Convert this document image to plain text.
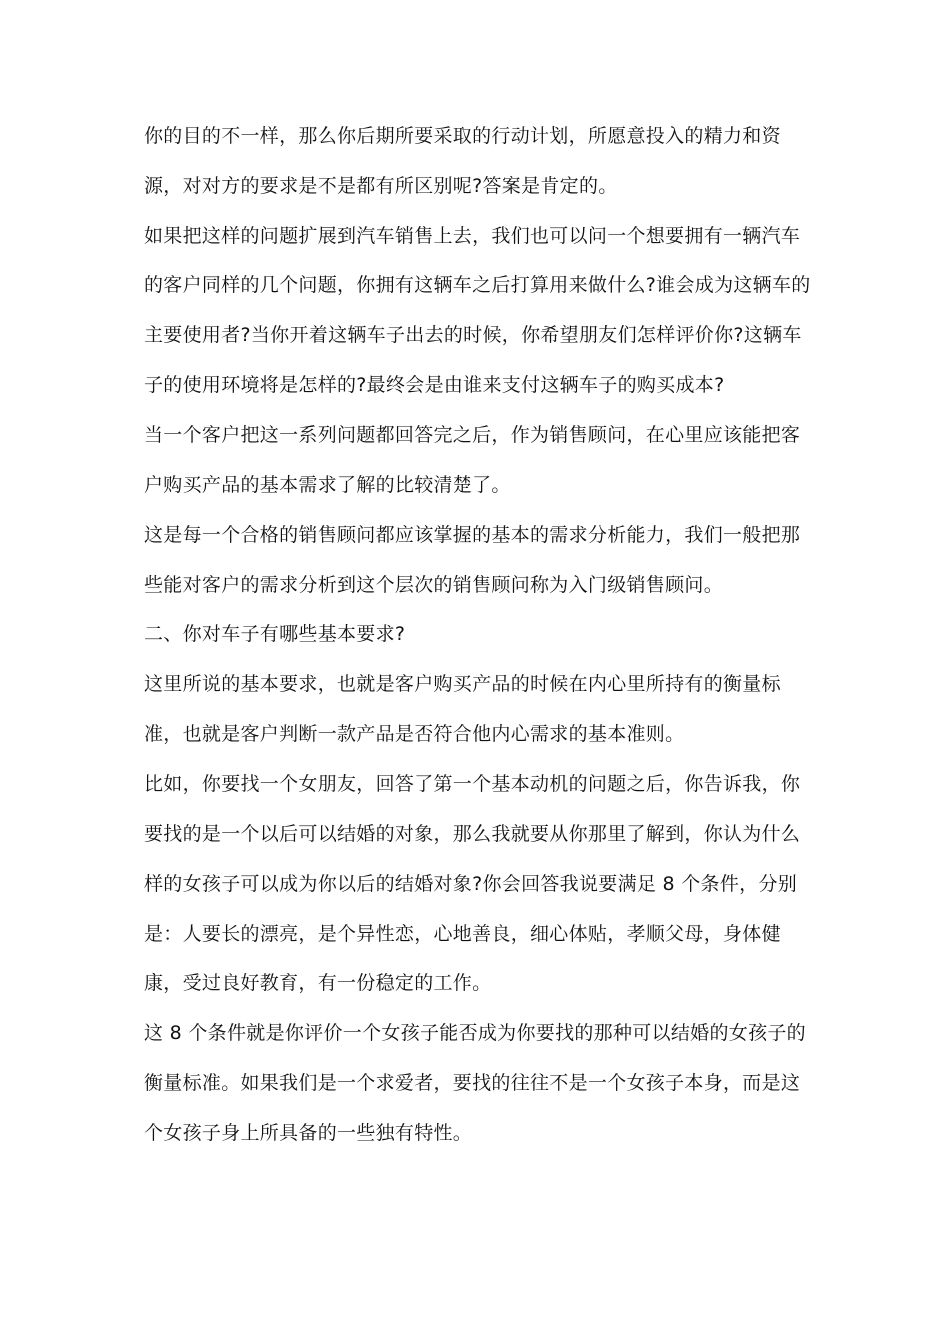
你的目的不一样，那么你后期所要采取的行动计划，所愿意投入的精力和资
源，对对方的要求是不是都有所区别呢?答案是肯定的。
如果把这样的问题扩展到汽车销售上去，我们也可以问一个想要拥有一辆汽车
的客户同样的几个问题，你拥有这辆车之后打算用来做什么?谁会成为这辆车的
主要使用者?当你开着这辆车子出去的时候，你希望朋友们怎样评价你?这辆车
子的使用环境将是怎样的?最终会是由谁来支付这辆车子的购买成本?
当一个客户把这一系列问题都回答完之后，作为销售顾问，在心里应该能把客
户购买产品的基本需求了解的比较清楚了。
这是每一个合格的销售顾问都应该掌握的基本的需求分析能力，我们一般把那
些能对客户的需求分析到这个层次的销售顾问称为入门级销售顾问。
二、你对车子有哪些基本要求?
这里所说的基本要求，也就是客户购买产品的时候在内心里所持有的衡量标
准，也就是客户判断一款产品是否符合他内心需求的基本准则。
比如，你要找一个女朋友，回答了第一个基本动机的问题之后，你告诉我，你
要找的是一个以后可以结婚的对象，那么我就要从你那里了解到，你认为什么
样的女孩子可以成为你以后的结婚对象?你会回答我说要满足 8 个条件，分别
是：人要长的漂亮，是个异性恋，心地善良，细心体贴，孝顺父母，身体健
康，受过良好教育，有一份稳定的工作。
这 8 个条件就是你评价一个女孩子能否成为你要找的那种可以结婚的女孩子的
衡量标准。如果我们是一个求爱者，要找的往往不是一个女孩子本身，而是这
个女孩子身上所具备的一些独有特性。
